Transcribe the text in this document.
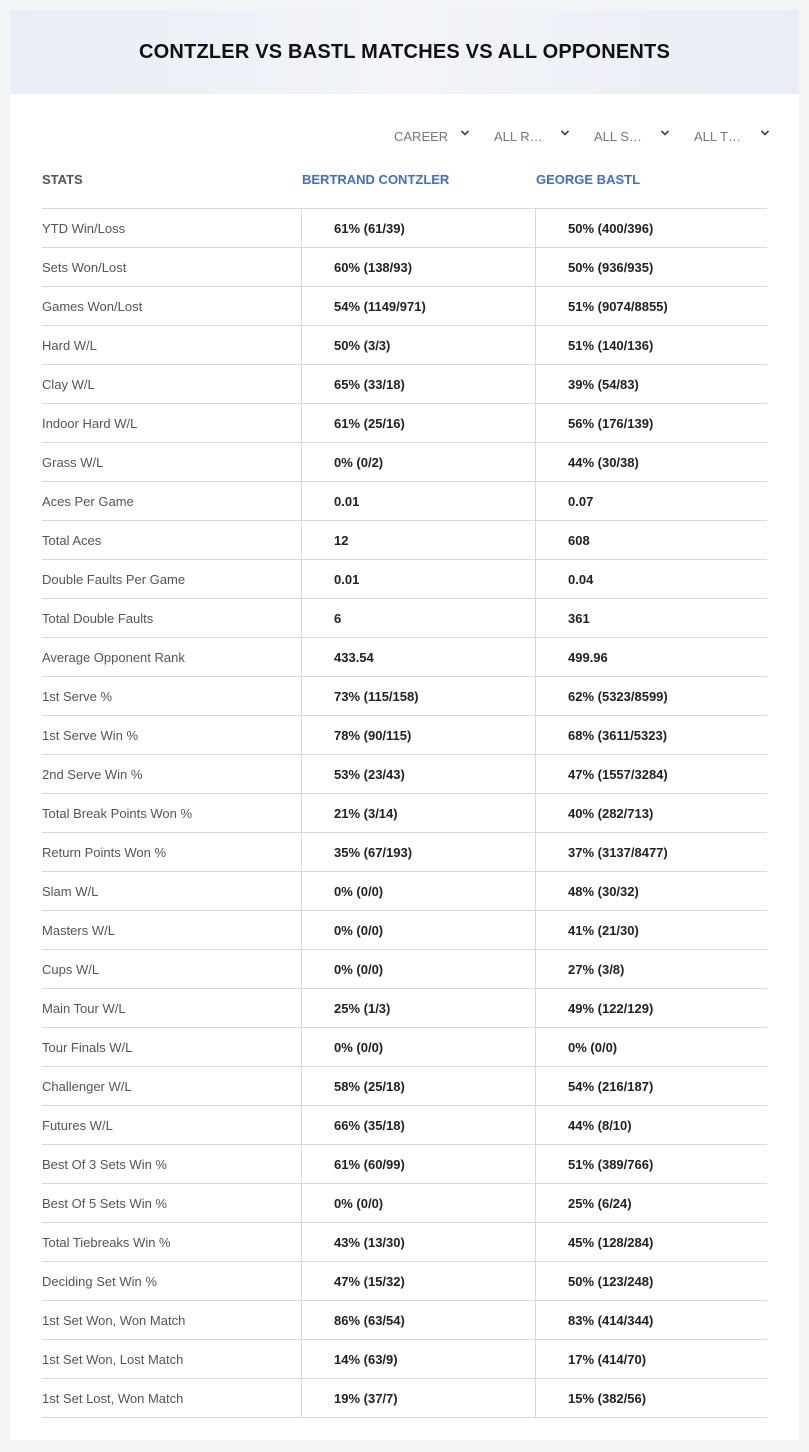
CONTZLER VS BASTL MATCHES VS ALL OPPONENTS
CAREER	ALL R…	ALL S…	ALL T…
STATS	BERTRAND CONTZLER	GEORGE BASTL
YTD Win/Loss	61% (61/39)	50% (400/396)
Sets Won/Lost	60% (138/93)	50% (936/935)
Games Won/Lost	54% (1149/971)	51% (9074/8855)
Hard W/L	50% (3/3)	51% (140/136)
Clay W/L	65% (33/18)	39% (54/83)
Indoor Hard W/L	61% (25/16)	56% (176/139)
Grass W/L	0% (0/2)	44% (30/38)
Aces Per Game	0.01	0.07
Total Aces	12	608
Double Faults Per Game	0.01	0.04
Total Double Faults	6	361
Average Opponent Rank	433.54	499.96
1st Serve %	73% (115/158)	62% (5323/8599)
1st Serve Win %	78% (90/115)	68% (3611/5323)
2nd Serve Win %	53% (23/43)	47% (1557/3284)
Total Break Points Won %	21% (3/14)	40% (282/713)
Return Points Won %	35% (67/193)	37% (3137/8477)
Slam W/L	0% (0/0)	48% (30/32)
Masters W/L	0% (0/0)	41% (21/30)
Cups W/L	0% (0/0)	27% (3/8)
Main Tour W/L	25% (1/3)	49% (122/129)
Tour Finals W/L	0% (0/0)	0% (0/0)
Challenger W/L	58% (25/18)	54% (216/187)
Futures W/L	66% (35/18)	44% (8/10)
Best Of 3 Sets Win %	61% (60/99)	51% (389/766)
Best Of 5 Sets Win %	0% (0/0)	25% (6/24)
Total Tiebreaks Win %	43% (13/30)	45% (128/284)
Deciding Set Win %	47% (15/32)	50% (123/248)
1st Set Won, Won Match	86% (63/54)	83% (414/344)
1st Set Won, Lost Match	14% (63/9)	17% (414/70)
1st Set Lost, Won Match	19% (37/7)	15% (382/56)
